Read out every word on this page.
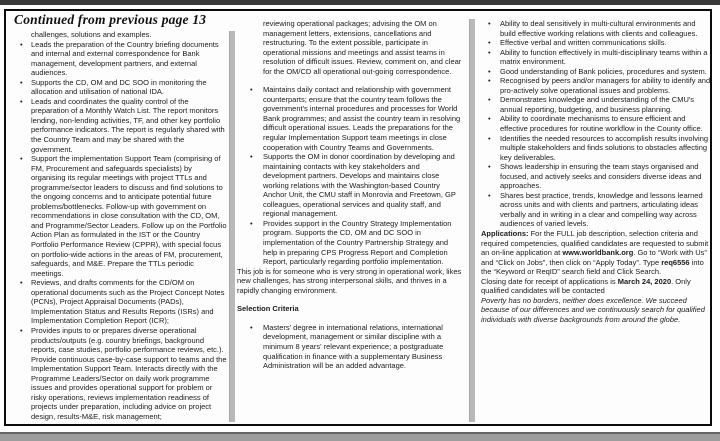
Continued from previous page 13
challenges, solutions and examples.
• Leads the preparation of the Country briefing documents and internal and external correspondence for Bank management, development partners, and external audiences.
• Supports the CD, OM and DC SOO in monitoring the allocation and utilisation of national IDA.
• Leads and coordinates the quality control of the preparation of a Monthly Watch List. The report monitors lending, non-lending activities, TF, and other key portfolio performance indicators. The report is regularly shared with the Country Team and may be shared with the government.
• Support the implementation Support Team (comprising of FM, Procurement and safeguards specialists) by organising its regular meetings with project TTLs and programme/sector leaders to discuss and find solutions to the ongoing concerns and to anticipate potential future problems/bottlenecks. Follow-up with government on recommendations in close consultation with the CD, OM, and Programme/Sector Leaders. Follow up on the Portfolio Action Plan as formulated in the IST or the Country Portfolio Performance Review (CPPR), with special focus on portfolio-wide actions in the areas of FM, procurement, safeguards, and M&E. Prepare the TTLs periodic meetings.
• Reviews, and drafts comments for the CD/OM on operational documents such as the Project Concept Notes (PCNs), Project Appraisal Documents (PADs), Implementation Status and Results Reports (ISRs) and Implementation Completion Report (ICR);
• Provides inputs to or prepares diverse operational products/outputs (e.g. country briefings, background reports, case studies, portfolio performance reviews, etc.). Provide continuous case-by-case support to teams and the Implementation Support Team. Interacts directly with the Programme Leaders/Sector on daily work programme issues and provides operational support for problem or risky operations, reviews implementation readiness of projects under preparation, including advice on project design, results-M&E, risk management;
reviewing operational packages; advising the OM on management letters, extensions, cancellations and restructuring. To the extent possible, participate in operational missions and meetings and assist teams in resolution of difficult issues. Review, comment on, and clear for the OM/CD all operational out-going correspondence.
• Maintains daily contact and relationship with government counterparts; ensure that the country team follows the government's internal procedures and processes for World Bank programmes; and assist the country team in resolving difficult operational issues. Leads the preparations for the regular Implementation Support team meetings in close cooperation with Country Teams and Governments.
• Supports the OM in donor coordination by developing and maintaining contacts with key stakeholders and development partners. Develops and maintains close working relations with the Washington-based Country Anchor Unit, the CMU staff in Monrovia and Freetown, GP colleagues, operational services and quality staff, and regional management.
• Provides support in the Country Strategy Implementation program. Supports the CD, OM and DC SOO in implementation of the Country Partnership Strategy and help in preparing CPS Progress Report and Completion Report, particularly regarding portfolio implementation.
This job is for someone who is very strong in operational work, likes new challenges, has strong interpersonal skills, and thrives in a rapidly changing environment.
Selection Criteria
• Masters' degree in international relations, international development, management or similar discipline with a minimum 8 years' relevant experience; a postgraduate qualification in finance with a supplementary Business Administration will be an added advantage.
• Ability to deal sensitively in multi-cultural environments and build effective working relations with clients and colleagues.
• Effective verbal and written communications skills.
• Ability to function effectively in multi-disciplinary teams within a matrix environment.
• Good understanding of Bank policies, procedures and system.
• Recognised by peers and/or managers for ability to identify and pro-actively solve operational issues and problems.
• Demonstrates knowledge and understanding of the CMU's annual reporting, budgeting, and business planning.
• Ability to coordinate mechanisms to ensure efficient and effective procedures for routine workflow in the County office.
• Identifies the needed resources to accomplish results involving multiple stakeholders and finds solutions to obstacles affecting key deliverables.
• Shows leadership in ensuring the team stays organised and focused, and actively seeks and considers diverse ideas and approaches.
• Shares best practice, trends, knowledge and lessons learned across units and with clients and partners, articulating ideas verbally and in writing in a clear and compelling way across audiences of varied levels.
Applications: For the FULL job description, selection criteria and required competencies, qualified candidates are requested to submit an on-line application at www.worldbank.org. Go to “Work with Us” and “Click on Jobs”, then click on “Apply Today”. Type req6556 into the “Keyword or ReqID” search field and Click Search.
Closing date for receipt of applications is March 24, 2020. Only qualified candidates will be contacted
Poverty has no borders, neither does excellence. We succeed because of our differences and we continuously search for qualified individuals with diverse backgrounds from around the globe.
